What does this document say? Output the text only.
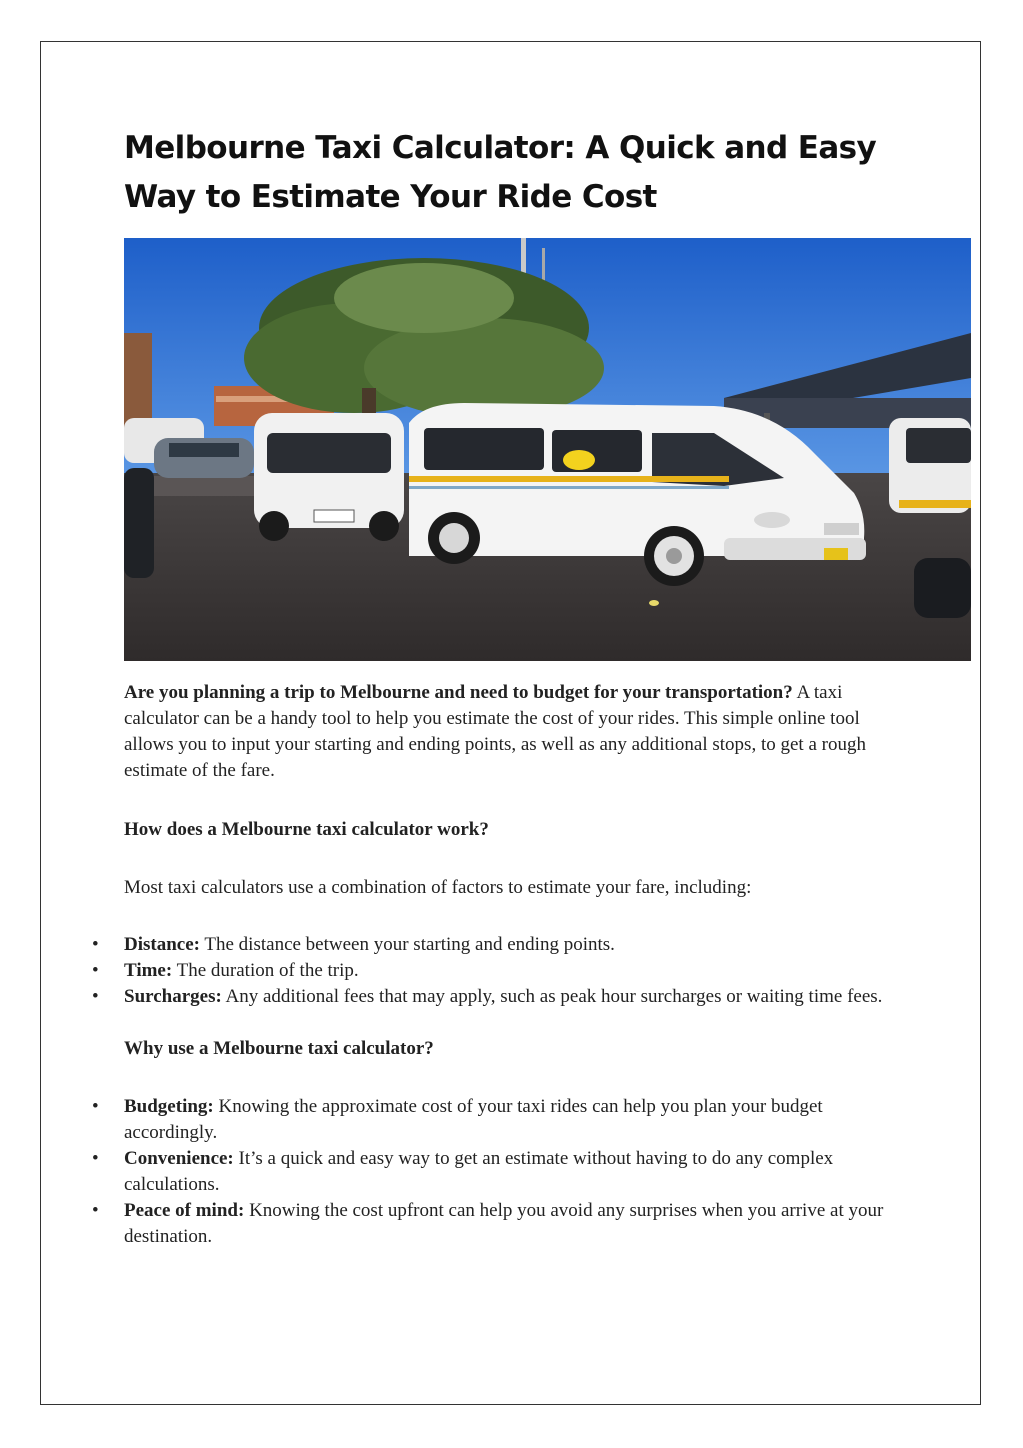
Melbourne Taxi Calculator: A Quick and Easy Way to Estimate Your Ride Cost

Are you planning a trip to Melbourne and need to budget for your transportation? A taxi calculator can be a handy tool to help you estimate the cost of your rides. This simple online tool allows you to input your starting and ending points, as well as any additional stops, to get a rough estimate of the fare.

How does a Melbourne taxi calculator work?

Most taxi calculators use a combination of factors to estimate your fare, including:

• Distance: The distance between your starting and ending points.
• Time: The duration of the trip.
• Surcharges: Any additional fees that may apply, such as peak hour surcharges or waiting time fees.

Why use a Melbourne taxi calculator?

• Budgeting: Knowing the approximate cost of your taxi rides can help you plan your budget accordingly.
• Convenience: It’s a quick and easy way to get an estimate without having to do any complex calculations.
• Peace of mind: Knowing the cost upfront can help you avoid any surprises when you arrive at your destination.
